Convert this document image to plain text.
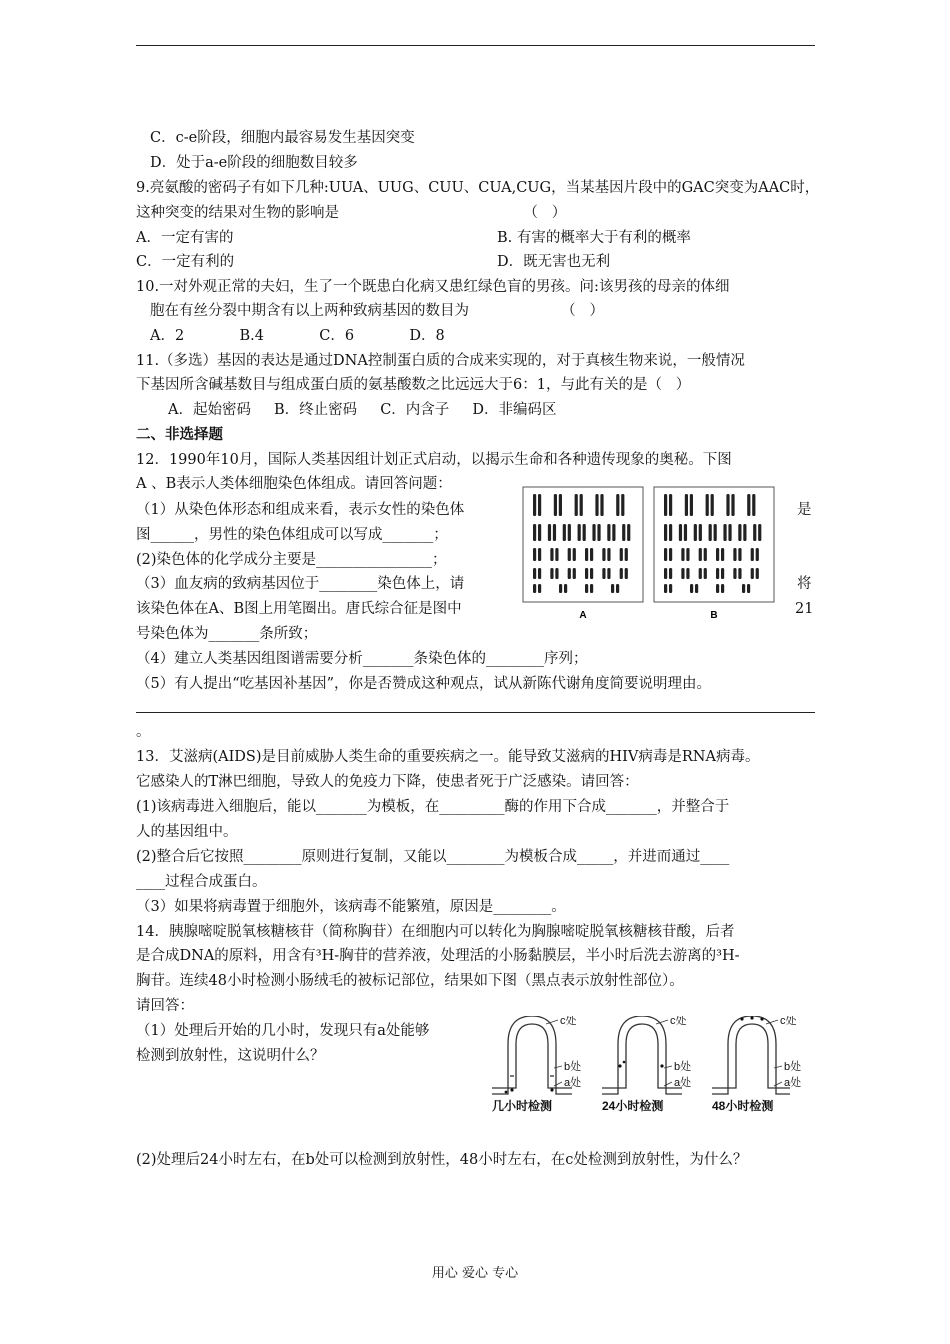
C．c-e阶段，细胞内最容易发生基因突变
D．处于a-e阶段的细胞数目较多
9.亮氨酸的密码子有如下几种:UUA、UUG、CUU、CUA,CUG，当某基因片段中的GAC突变为AAC时，
这种突变的结果对生物的影响是                                        （   ）
A．一定有害的	B. 有害的概率大于有利的概率
C．一定有利的	D．既无害也无利
10.一对外观正常的夫妇，生了一个既患白化病又患红绿色盲的男孩。问:该男孩的母亲的体细
胞在有丝分裂中期含有以上两种致病基因的数目为                    （   ）
A．2            B.4            C．6            D．8
11.（多选）基因的表达是通过DNA控制蛋白质的合成来实现的，对于真核生物来说，一般情况
下基因所含碱基数目与组成蛋白质的氨基酸数之比远远大于6：1，与此有关的是（   ）
A．起始密码     B．终止密码     C．内含子     D．非编码区
二、非选择题
12．1990年10月，国际人类基因组计划正式启动，以揭示生命和各种遗传现象的奥秘。下图
A 、B表示人类体细胞染色体组成。请回答问题：
（1）从染色体形态和组成来看，表示女性的染色体	是
图______，男性的染色体组成可以写成_______；
(2)染色体的化学成分主要是________________；
（3）血友病的致病基因位于________染色体上，请	将
该染色体在A、B图上用笔圈出。唐氏综合征是图中	21
号染色体为_______条所致；
（4）建立人类基因组图谱需要分析_______条染色体的________序列；
（5）有人提出“吃基因补基因”，你是否赞成这种观点，试从新陈代谢角度简要说明理由。
。
13．艾滋病(AIDS)是目前威胁人类生命的重要疾病之一。能导致艾滋病的HIV病毒是RNA病毒。
它感染人的T淋巴细胞，导致人的免疫力下降，使患者死于广泛感染。请回答：
(1)该病毒进入细胞后，能以_______为模板，在_________酶的作用下合成_______，并整合于
人的基因组中。
(2)整合后它按照________原则进行复制，又能以________为模板合成_____，并进而通过____
____过程合成蛋白。
（3）如果将病毒置于细胞外，该病毒不能繁殖，原因是________。
14．胰腺嘧啶脱氧核糖核苷（简称胸苷）在细胞内可以转化为胸腺嘧啶脱氧核糖核苷酸，后者
是合成DNA的原料，用含有³H-胸苷的营养液，处理活的小肠黏膜层，半小时后洗去游离的³H-
胸苷。连续48小时检测小肠绒毛的被标记部位，结果如下图（黑点表示放射性部位）。
请回答：
（1）处理后开始的几小时，发现只有a处能够
检测到放射性，这说明什么？
(2)处理后24小时左右，在b处可以检测到放射性，48小时左右，在c处检测到放射性，为什么？
A	B
c处
b处
a处
c处
b处
a处
c处
b处
a处
几小时检测	24小时检测	48小时检测
用心 爱心 专心
